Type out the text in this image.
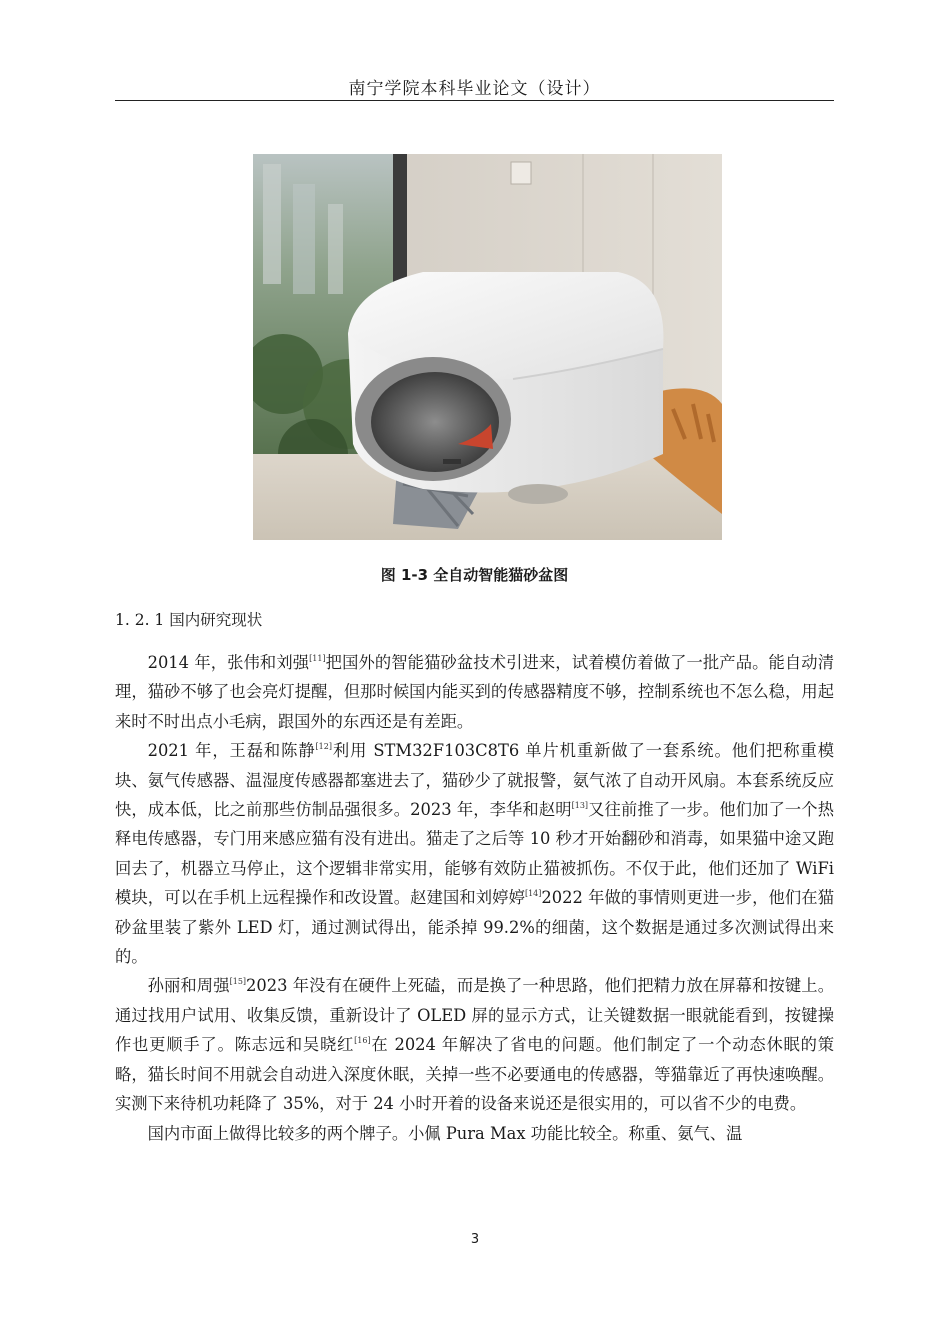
南宁学院本科毕业论文（设计）
图 1-3 全自动智能猫砂盆图
1. 2. 1 国内研究现状

2014 年，张伟和刘强[11]把国外的智能猫砂盆技术引进来，试着模仿着做了一批产品。能自动清理，猫砂不够了也会亮灯提醒，但那时候国内能买到的传感器精度不够，控制系统也不怎么稳，用起来时不时出点小毛病，跟国外的东西还是有差距。

2021 年，王磊和陈静[12]利用 STM32F103C8T6 单片机重新做了一套系统。他们把称重模块、氨气传感器、温湿度传感器都塞进去了，猫砂少了就报警，氨气浓了自动开风扇。本套系统反应快，成本低，比之前那些仿制品强很多。2023 年，李华和赵明[13]又往前推了一步。他们加了一个热释电传感器，专门用来感应猫有没有进出。猫走了之后等 10 秒才开始翻砂和消毒，如果猫中途又跑回去了，机器立马停止，这个逻辑非常实用，能够有效防止猫被抓伤。不仅于此，他们还加了 WiFi 模块，可以在手机上远程操作和改设置。赵建国和刘婷婷[14]2022 年做的事情则更进一步，他们在猫砂盆里装了紫外 LED 灯，通过测试得出，能杀掉 99.2%的细菌，这个数据是通过多次测试得出来的。

孙丽和周强[15]2023 年没有在硬件上死磕，而是换了一种思路，他们把精力放在屏幕和按键上。通过找用户试用、收集反馈，重新设计了 OLED 屏的显示方式，让关键数据一眼就能看到，按键操作也更顺手了。陈志远和吴晓红[16]在 2024 年解决了省电的问题。他们制定了一个动态休眠的策略，猫长时间不用就会自动进入深度休眠，关掉一些不必要通电的传感器，等猫靠近了再快速唤醒。实测下来待机功耗降了 35%，对于 24 小时开着的设备来说还是很实用的，可以省不少的电费。

国内市面上做得比较多的两个牌子。小佩 Pura Max 功能比较全。称重、氨气、温

3
